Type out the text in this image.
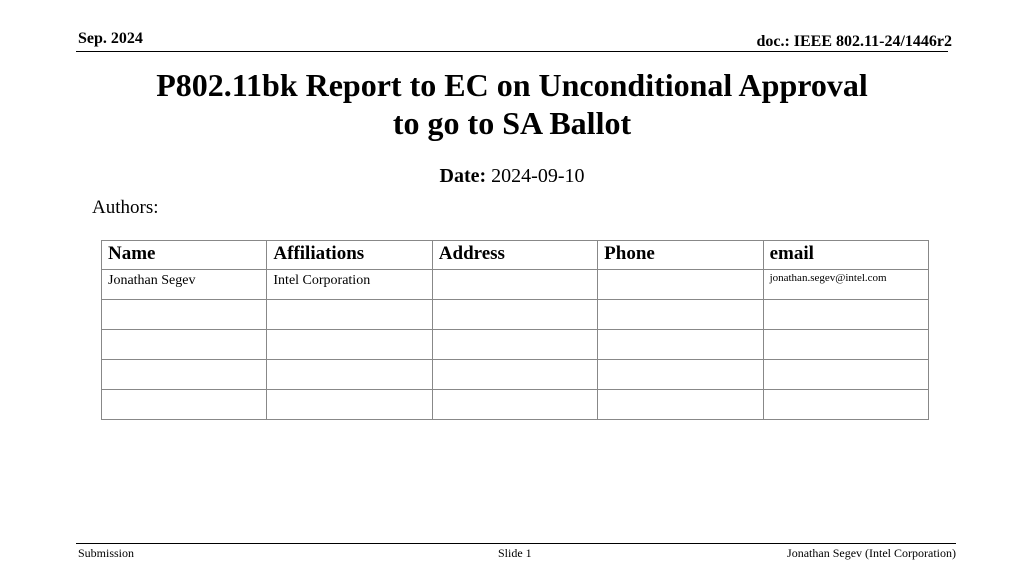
Sep. 2024	doc.: IEEE 802.11-24/1446r2
P802.11bk Report to EC on Unconditional Approval
to go to SA Ballot
Date: 2024-09-10
Authors:
Name	Affiliations	Address	Phone	email
Jonathan Segev	Intel Corporation			jonathan.segev@intel.com

Submission	Slide 1	Jonathan Segev (Intel Corporation)
